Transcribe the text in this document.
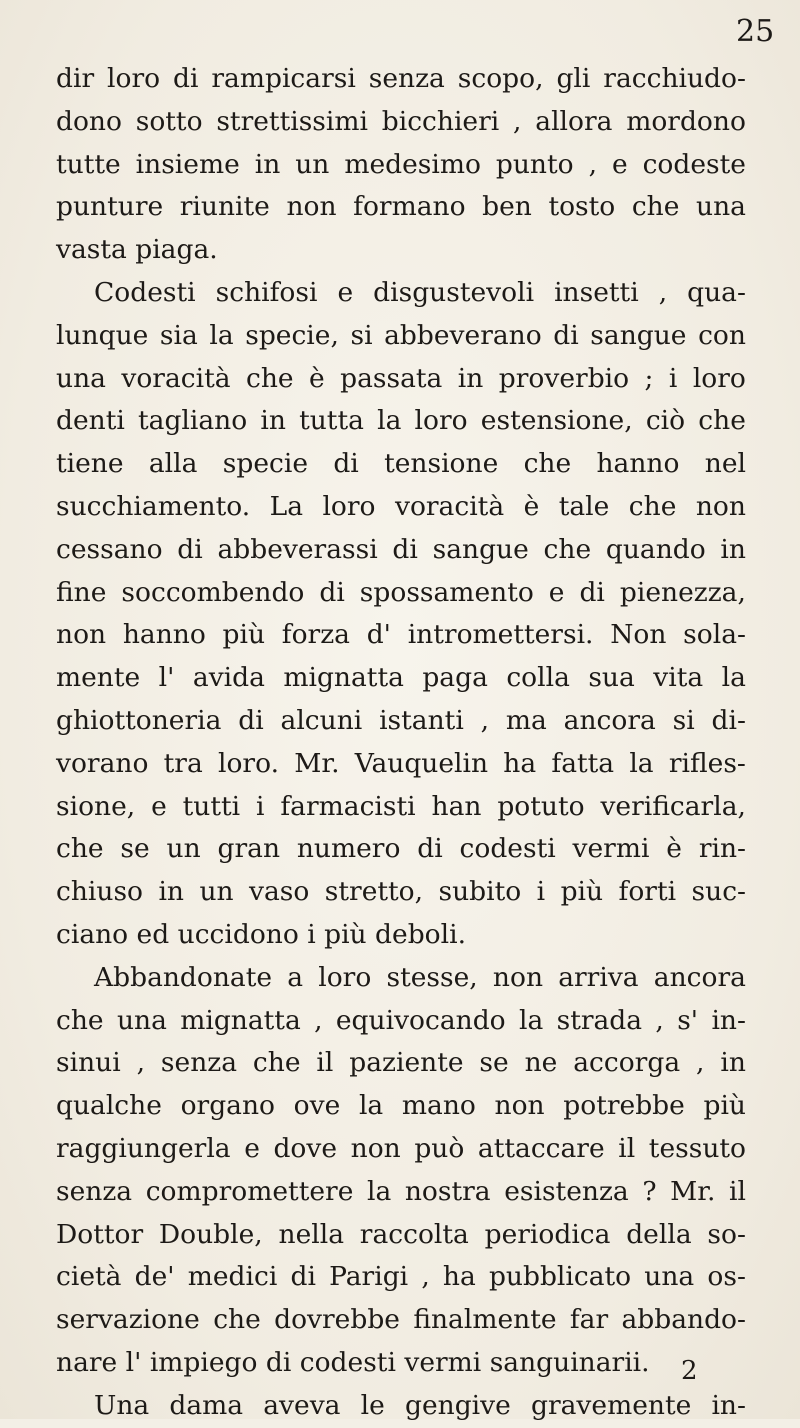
25
dir loro di rampicarsi senza scopo, gli racchiudo-
dono sotto strettissimi bicchieri , allora mordono
tutte insieme in un medesimo punto , e codeste
punture riunite non formano ben tosto che una
vasta piaga.
Codesti schifosi e disgustevoli insetti , qua-
lunque sia la specie, si abbeverano di sangue con
una voracità che è passata in proverbio ; i loro
denti tagliano in tutta la loro estensione, ciò che
tiene alla specie di tensione che hanno nel
succhiamento. La loro voracità è tale che non
cessano di abbeverassi di sangue che quando in
fine soccombendo di spossamento e di pienezza,
non hanno più forza d' intromettersi. Non sola-
mente l' avida mignatta paga colla sua vita la
ghiottoneria di alcuni istanti , ma ancora si di-
vorano tra loro. Mr. Vauquelin ha fatta la rifles-
sione, e tutti i farmacisti han potuto verificarla,
che se un gran numero di codesti vermi è rin-
chiuso in un vaso stretto, subito i più forti suc-
ciano ed uccidono i più deboli.
Abbandonate a loro stesse, non arriva ancora
che una mignatta , equivocando la strada , s' in-
sinui , senza che il paziente se ne accorga , in
qualche organo ove la mano non potrebbe più
raggiungerla e dove non può attaccare il tessuto
senza compromettere la nostra esistenza ? Mr. il
Dottor Double, nella raccolta periodica della so-
cietà de' medici di Parigi , ha pubblicato una os-
servazione che dovrebbe finalmente far abbando-
nare l' impiego di codesti vermi sanguinarii.
Una dama aveva le gengive gravemente in-
2
